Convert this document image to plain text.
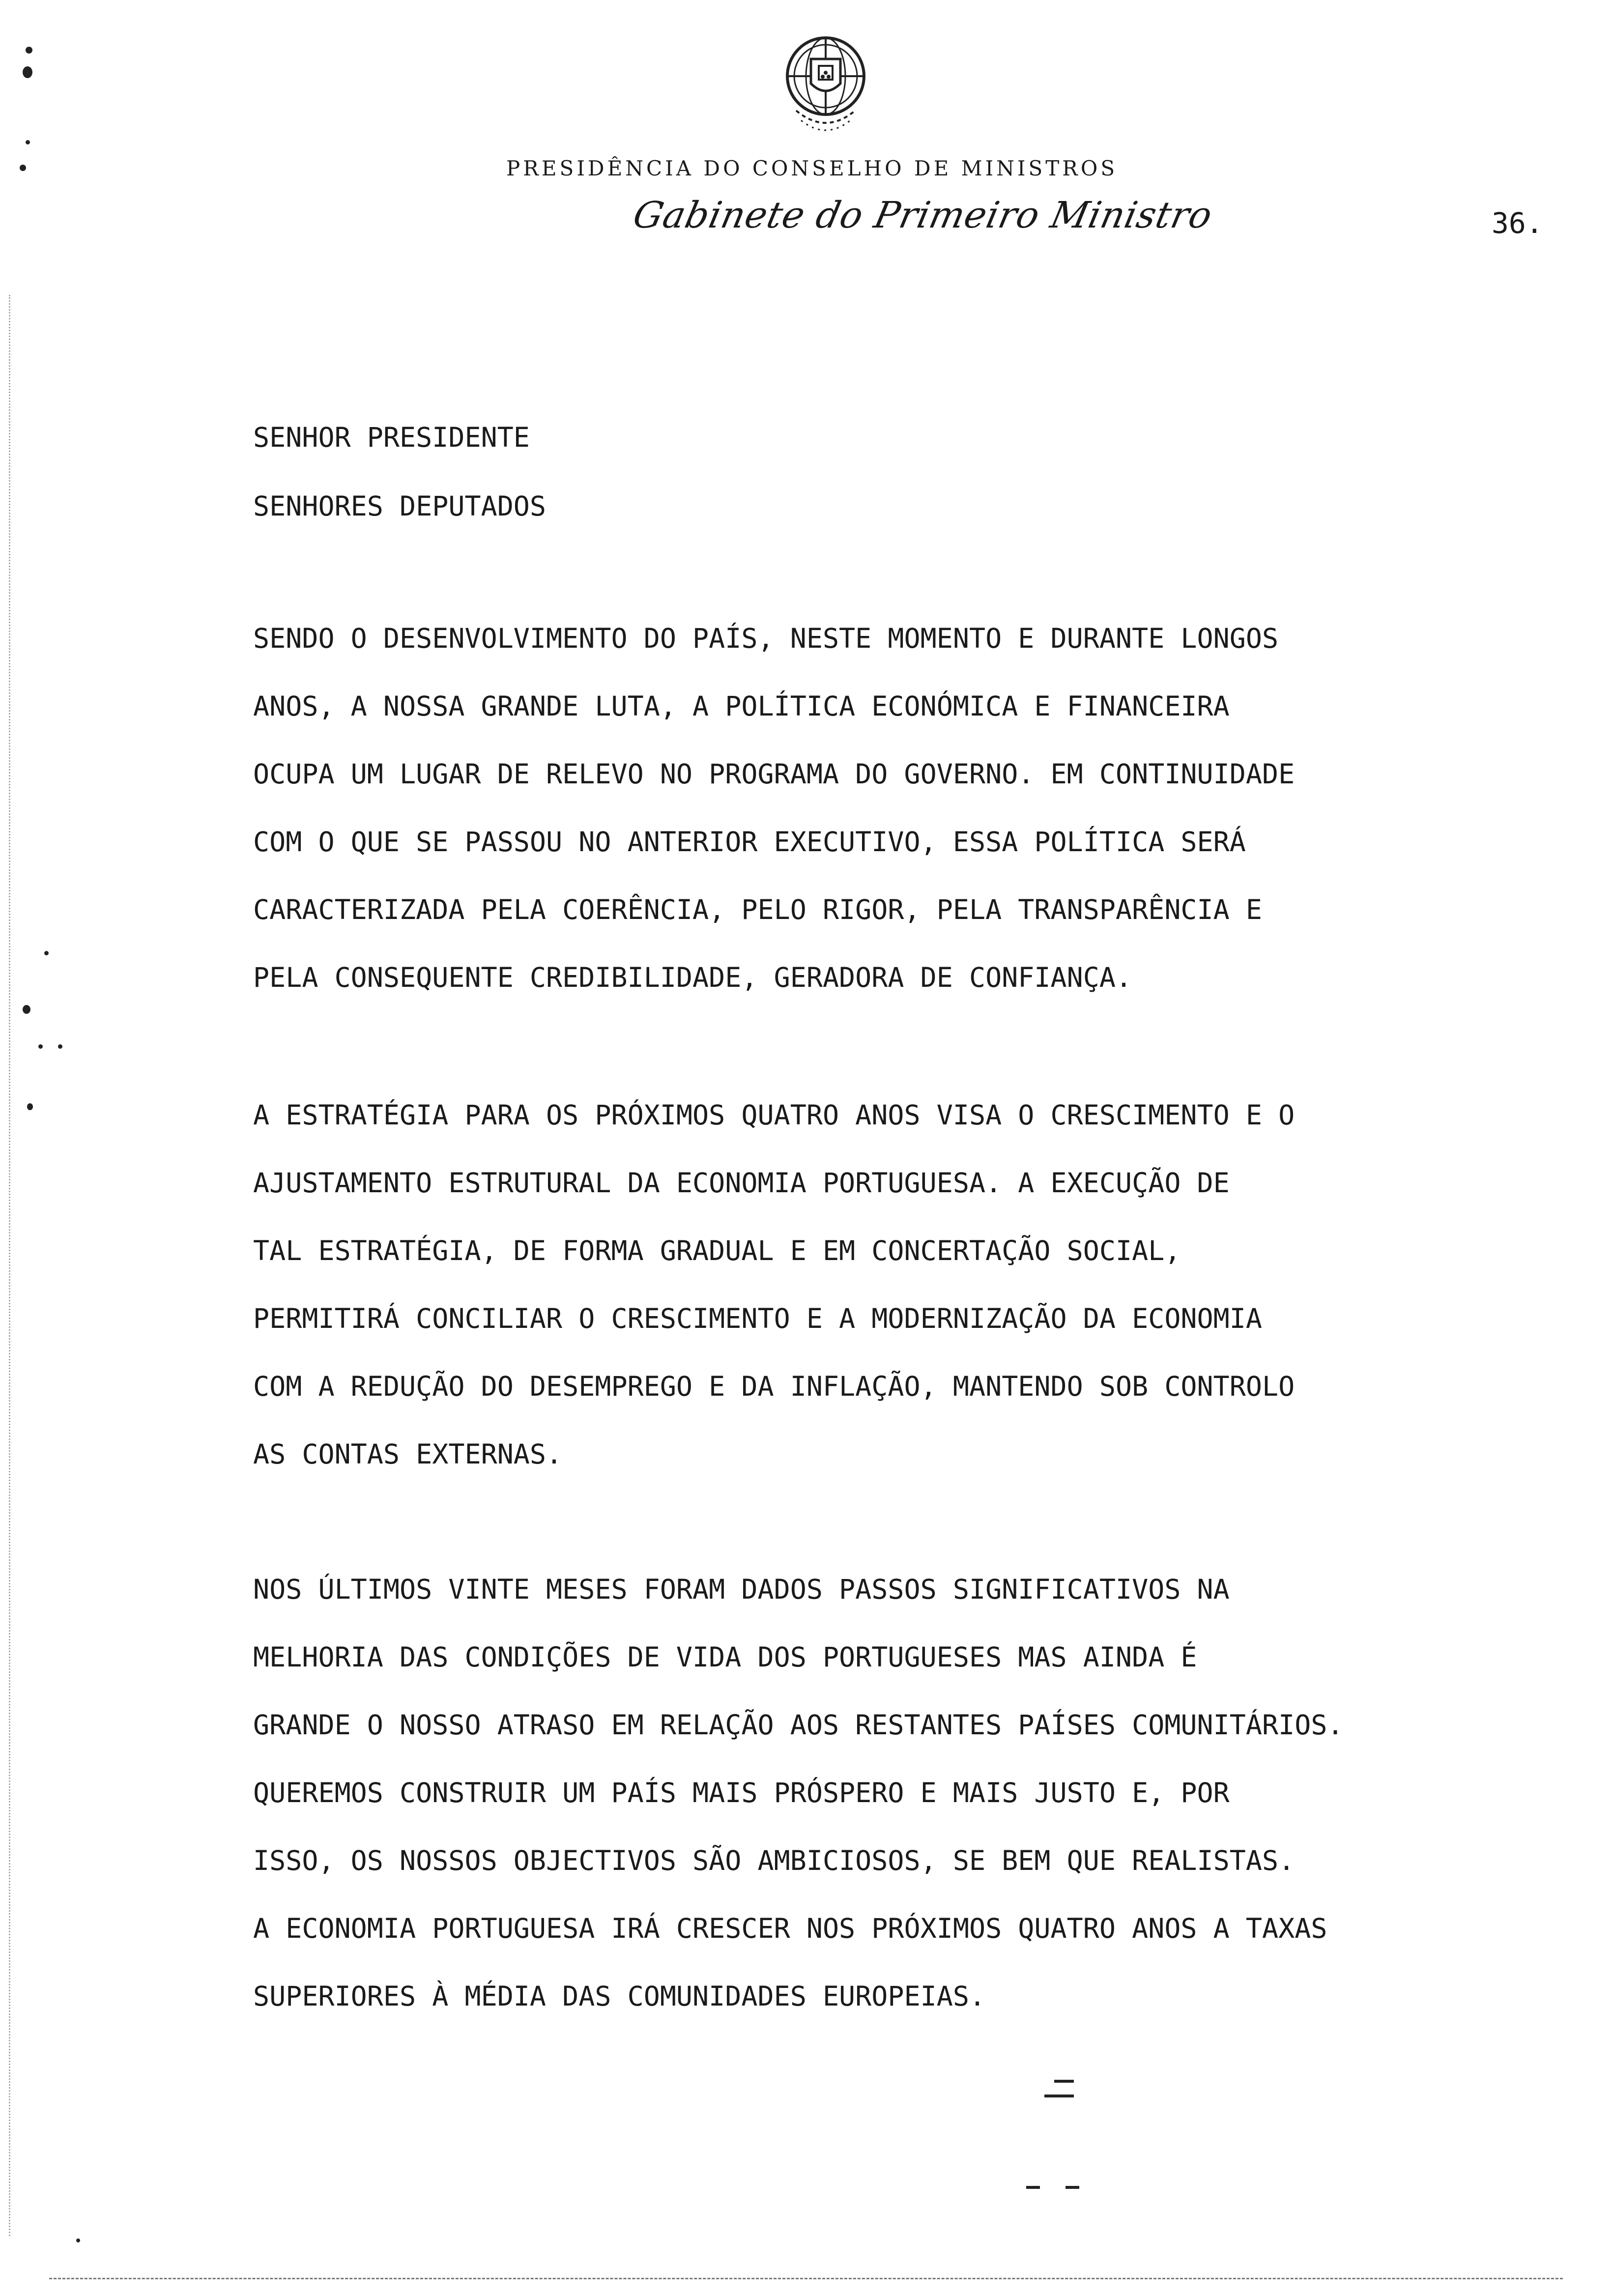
PRESIDÊNCIA DO CONSELHO DE MINISTROS
Gabinete do Primeiro Ministro	36.
SENHOR PRESIDENTE
SENHORES DEPUTADOS
SENDO O DESENVOLVIMENTO DO PAÍS, NESTE MOMENTO E DURANTE LONGOS
ANOS, A NOSSA GRANDE LUTA, A POLÍTICA ECONÓMICA E FINANCEIRA
OCUPA UM LUGAR DE RELEVO NO PROGRAMA DO GOVERNO. EM CONTINUIDADE
COM O QUE SE PASSOU NO ANTERIOR EXECUTIVO, ESSA POLÍTICA SERÁ
CARACTERIZADA PELA COERÊNCIA, PELO RIGOR, PELA TRANSPARÊNCIA E
PELA CONSEQUENTE CREDIBILIDADE, GERADORA DE CONFIANÇA.
A ESTRATÉGIA PARA OS PRÓXIMOS QUATRO ANOS VISA O CRESCIMENTO E O
AJUSTAMENTO ESTRUTURAL DA ECONOMIA PORTUGUESA. A EXECUÇÃO DE
TAL ESTRATÉGIA, DE FORMA GRADUAL E EM CONCERTAÇÃO SOCIAL,
PERMITIRÁ CONCILIAR O CRESCIMENTO E A MODERNIZAÇÃO DA ECONOMIA
COM A REDUÇÃO DO DESEMPREGO E DA INFLAÇÃO, MANTENDO SOB CONTROLO
AS CONTAS EXTERNAS.
NOS ÚLTIMOS VINTE MESES FORAM DADOS PASSOS SIGNIFICATIVOS NA
MELHORIA DAS CONDIÇÕES DE VIDA DOS PORTUGUESES MAS AINDA É
GRANDE O NOSSO ATRASO EM RELAÇÃO AOS RESTANTES PAÍSES COMUNITÁRIOS.
QUEREMOS CONSTRUIR UM PAÍS MAIS PRÓSPERO E MAIS JUSTO E, POR
ISSO, OS NOSSOS OBJECTIVOS SÃO AMBICIOSOS, SE BEM QUE REALISTAS.
A ECONOMIA PORTUGUESA IRÁ CRESCER NOS PRÓXIMOS QUATRO ANOS A TAXAS
SUPERIORES À MÉDIA DAS COMUNIDADES EUROPEIAS.
